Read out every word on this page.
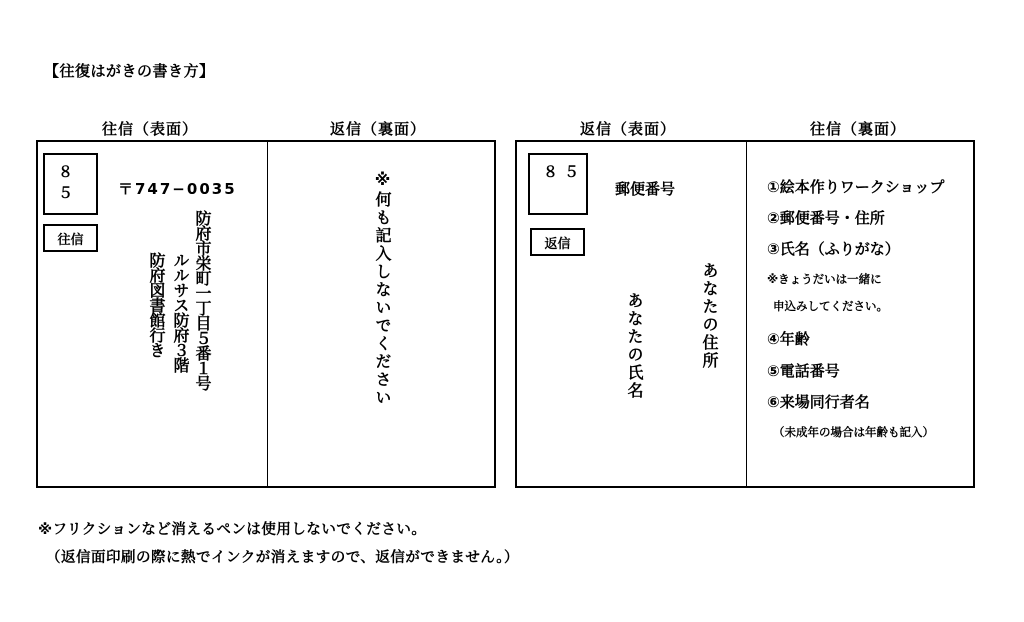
【往復はがきの書き方】
往信（表面）	返信（裏面）	返信（表面）	往信（裏面）
８５
往信
〒747−0035
防府市栄町一丁目５番１号
ルルサス防府３階
防府図書館行き	※何も記入しないでください	８５
返信
郵便番号
あなたの住所
あなたの氏名
①絵本作りワークショップ
②郵便番号・住所
③氏名（ふりがな）
※きょうだいは一緒に
申込みしてください。
④年齢
⑤電話番号
⑥来場同行者名
（未成年の場合は年齢も記入）
※フリクションなど消えるペンは使用しないでください。
（返信面印刷の際に熱でインクが消えますので、返信ができません。）
